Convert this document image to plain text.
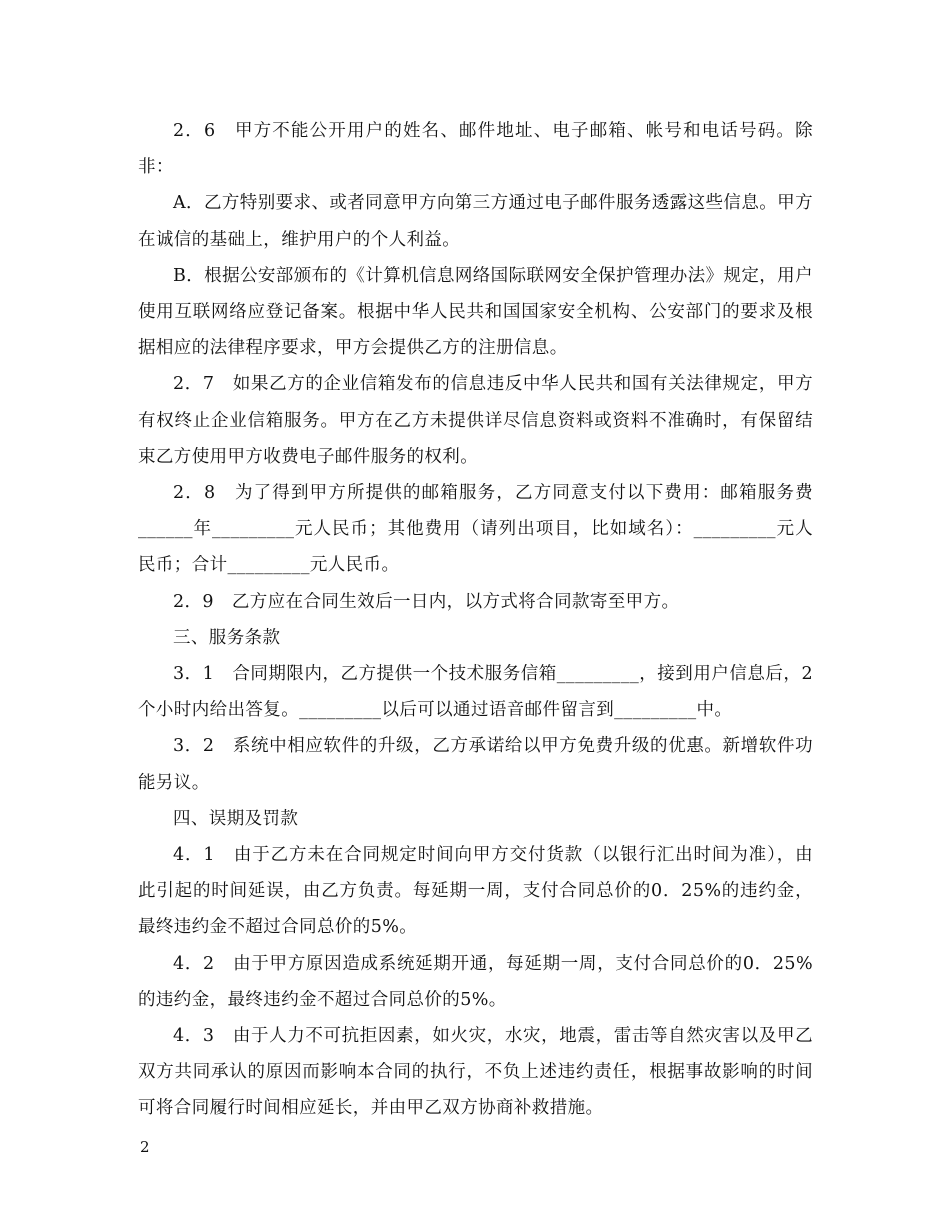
2．6　甲方不能公开用户的姓名、邮件地址、电子邮箱、帐号和电话号码。除非：

A．乙方特别要求、或者同意甲方向第三方通过电子邮件服务透露这些信息。甲方在诚信的基础上，维护用户的个人利益。

B．根据公安部颁布的《计算机信息网络国际联网安全保护管理办法》规定，用户使用互联网络应登记备案。根据中华人民共和国国家安全机构、公安部门的要求及根据相应的法律程序要求，甲方会提供乙方的注册信息。

2．7　如果乙方的企业信箱发布的信息违反中华人民共和国有关法律规定，甲方有权终止企业信箱服务。甲方在乙方未提供详尽信息资料或资料不准确时，有保留结束乙方使用甲方收费电子邮件服务的权利。

2．8　为了得到甲方所提供的邮箱服务，乙方同意支付以下费用：邮箱服务费______年_________元人民币；其他费用（请列出项目，比如域名）：_________元人民币；合计_________元人民币。

2．9　乙方应在合同生效后一日内，以方式将合同款寄至甲方。

三、服务条款

3．1　合同期限内，乙方提供一个技术服务信箱_________，接到用户信息后，2个小时内给出答复。_________以后可以通过语音邮件留言到_________中。

3．2　系统中相应软件的升级，乙方承诺给以甲方免费升级的优惠。新增软件功能另议。

四、误期及罚款

4．1　由于乙方未在合同规定时间向甲方交付货款（以银行汇出时间为准），由此引起的时间延误，由乙方负责。每延期一周，支付合同总价的0．25%的违约金，最终违约金不超过合同总价的5%。

4．2　由于甲方原因造成系统延期开通，每延期一周，支付合同总价的0．25%的违约金，最终违约金不超过合同总价的5%。

4．3　由于人力不可抗拒因素，如火灾，水灾，地震，雷击等自然灾害以及甲乙双方共同承认的原因而影响本合同的执行，不负上述违约责任，根据事故影响的时间可将合同履行时间相应延长，并由甲乙双方协商补救措施。

2
